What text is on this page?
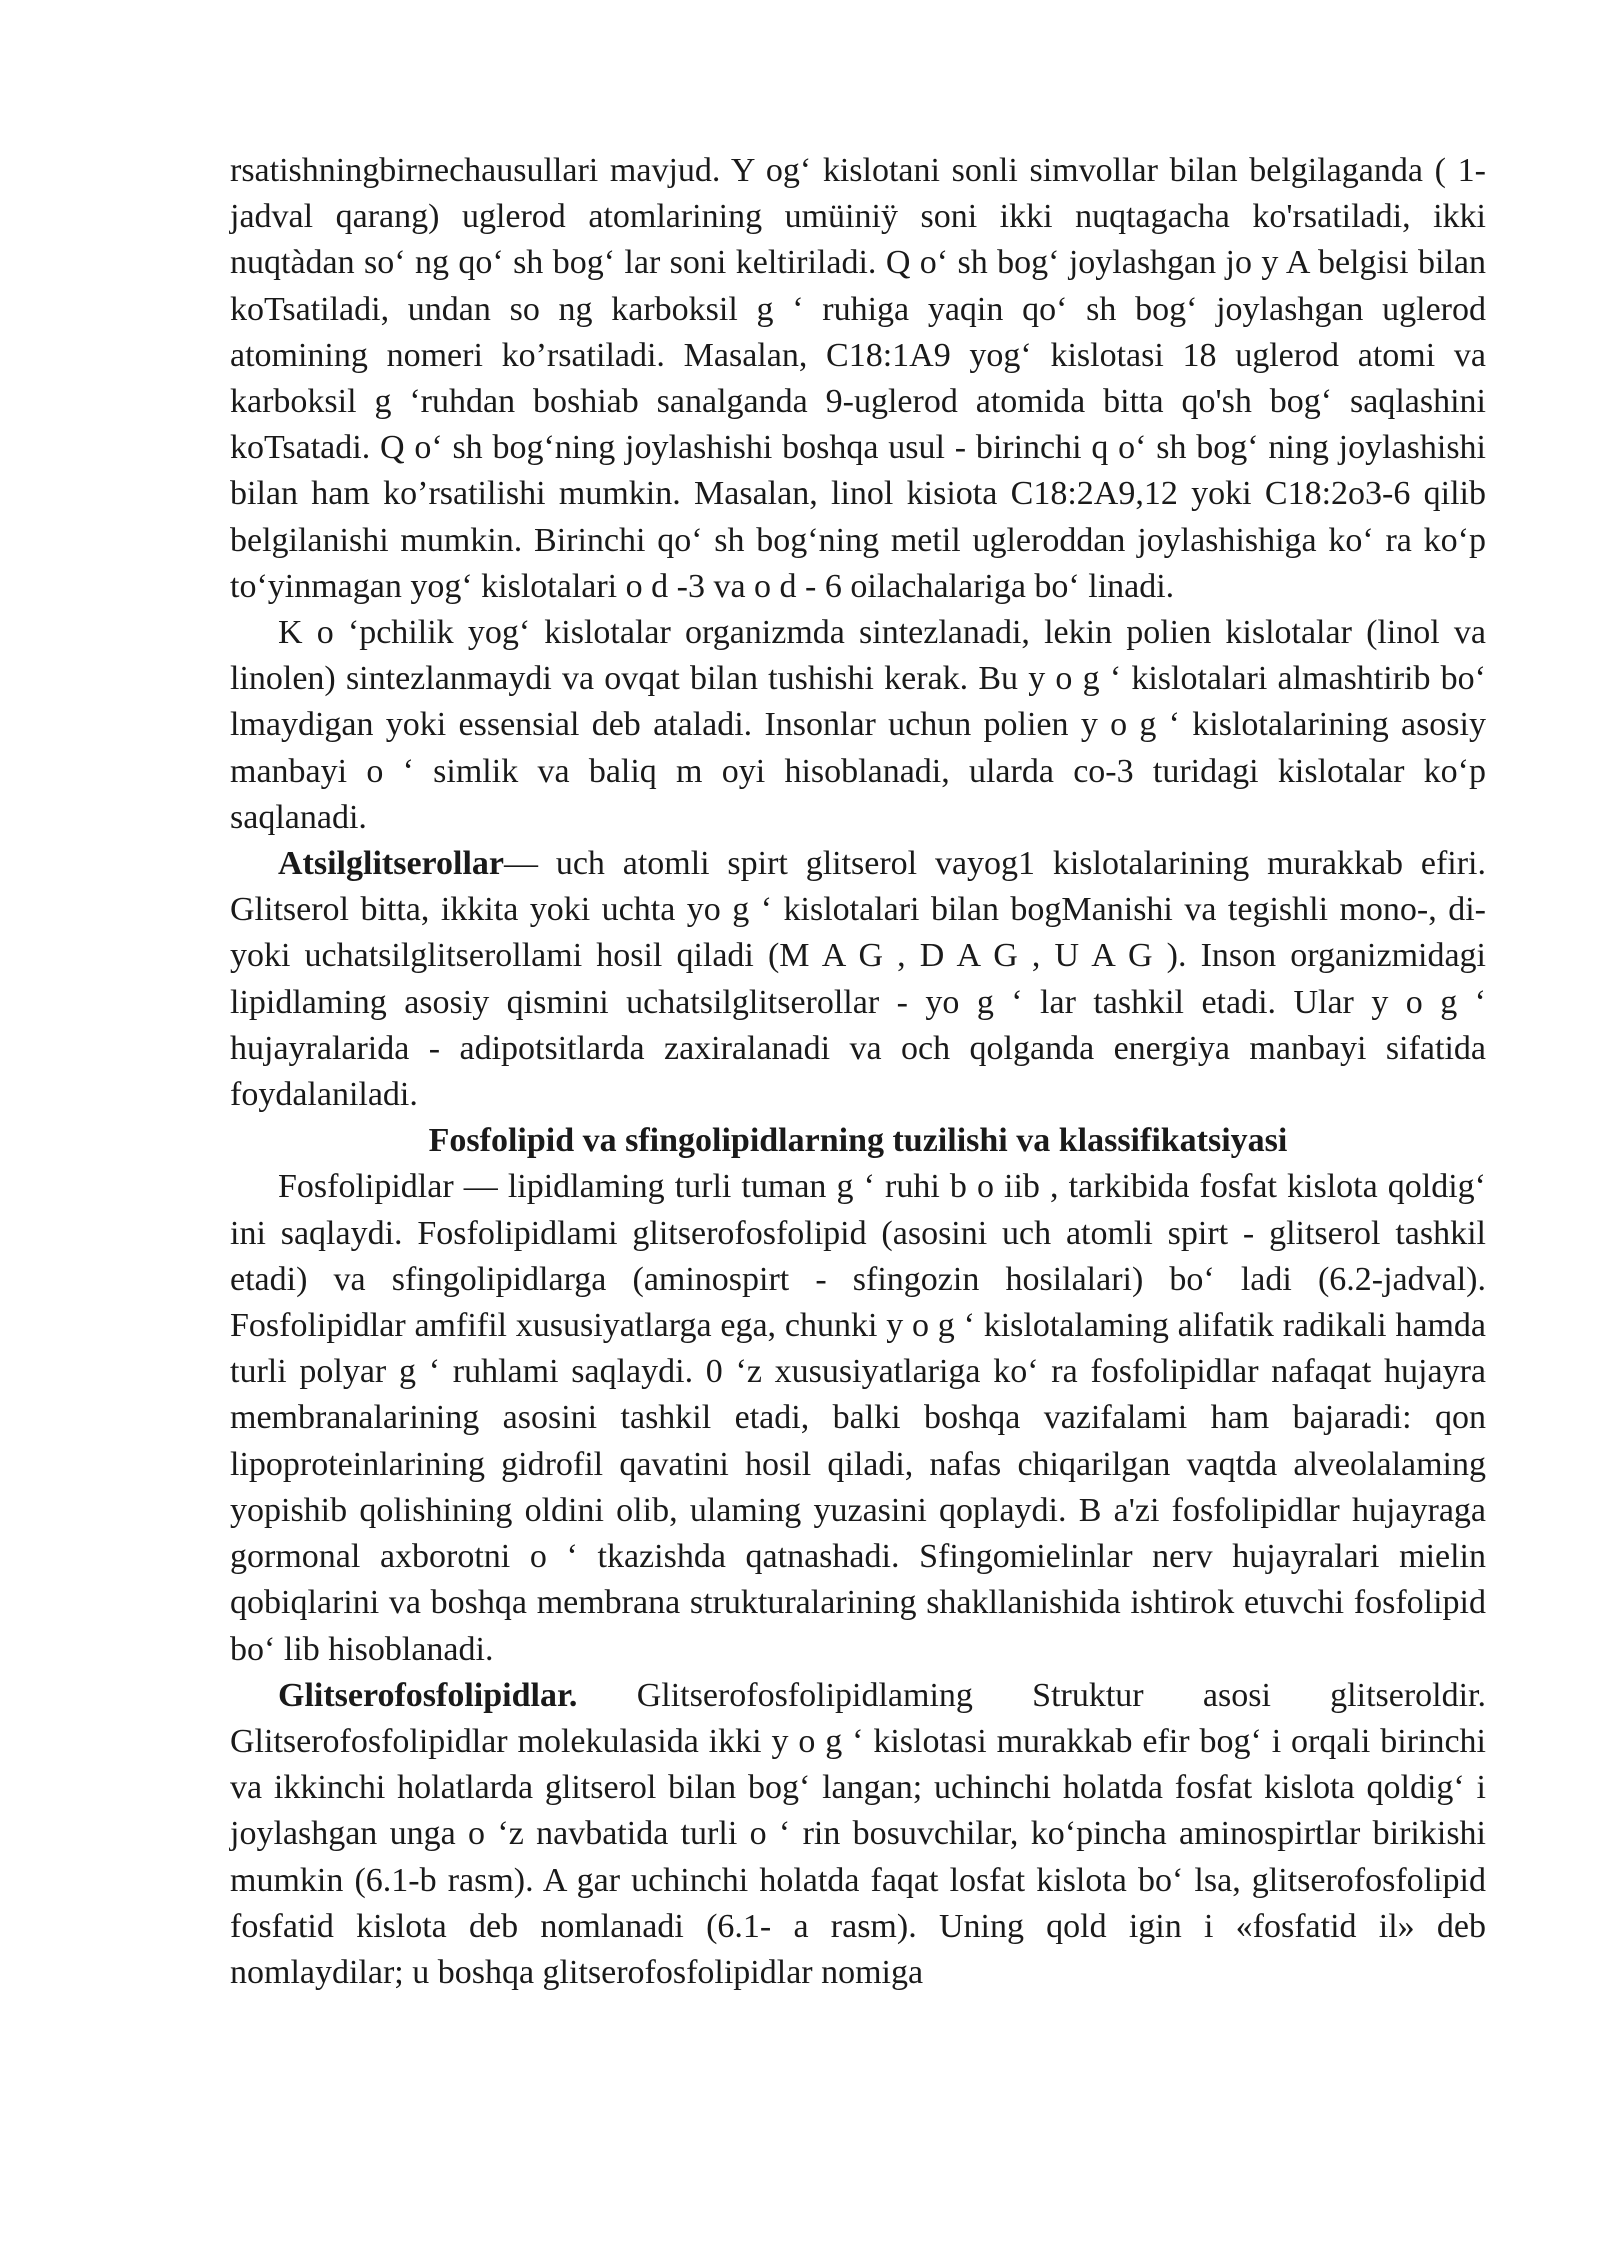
rsatishningbirnechausullari mavjud. Y og‘ kislotani sonli simvollar bilan belgilaganda ( 1-jadval qarang) uglerod atomlarining umüiniÿ soni ikki nuqtagacha ko'rsatiladi, ikki nuqtàdan so‘ ng qo‘ sh bog‘ lar soni keltiriladi. Q o‘ sh bog‘ joylashgan jo y A belgisi bilan koTsatiladi, undan so ng karboksil g ‘ ruhiga yaqin qo‘ sh bog‘ joylashgan uglerod atomining nomeri ko’rsatiladi. Masalan, C18:1A9 yog‘ kislotasi 18 uglerod atomi va karboksil g ‘ruhdan boshiab sanalganda 9-uglerod atomida bitta qo'sh bog‘ saqlashini koTsatadi. Q o‘ sh bog‘ning joylashishi boshqa usul - birinchi q o‘ sh bog‘ ning joylashishi bilan ham ko’rsatilishi mumkin. Masalan, linol kisiota C18:2A9,12 yoki C18:2o3-6 qilib belgilanishi mumkin. Birinchi qo‘ sh bog‘ning metil ugleroddan joylashishiga ko‘ ra ko‘p to‘yinmagan yog‘ kislotalari o d -3 va o d - 6 oilachalariga bo‘ linadi.

K o ‘pchilik yog‘ kislotalar organizmda sintezlanadi, lekin polien kislotalar (linol va linolen) sintezlanmaydi va ovqat bilan tushishi kerak. Bu y o g ‘ kislotalari almashtirib bo‘ lmaydigan yoki essensial deb ataladi. Insonlar uchun polien y o g ‘ kislotalarining asosiy manbayi o ‘ simlik va baliq m oyi hisoblanadi, ularda co-3 turidagi kislotalar ko‘p saqlanadi.

Atsilglitserollar— uch atomli spirt glitserol vayog1 kislotalarining murakkab efiri. Glitserol bitta, ikkita yoki uchta yo g ‘ kislotalari bilan bogManishi va tegishli mono-, di- yoki uchatsilglitserollami hosil qiladi (M A G , D A G , U A G ). Inson organizmidagi lipidlaming asosiy qismini uchatsilglitserollar - yo g ‘ lar tashkil etadi. Ular y o g ‘ hujayralarida - adipotsitlarda zaxiralanadi va och qolganda energiya manbayi sifatida foydalaniladi.

Fosfolipid va sfingolipidlarning tuzilishi va klassifikatsiyasi

Fosfolipidlar — lipidlaming turli tuman g ‘ ruhi b o iib , tarkibida fosfat kislota qoldig‘ ini saqlaydi. Fosfolipidlami glitserofosfolipid (asosini uch atomli spirt - glitserol tashkil etadi) va sfingolipidlarga (aminospirt - sfingozin hosilalari) bo‘ ladi (6.2-jadval). Fosfolipidlar amfifil xususiyatlarga ega, chunki y o g ‘ kislotalaming alifatik radikali hamda turli polyar g ‘ ruhlami saqlaydi. 0 ‘z xususiyatlariga ko‘ ra fosfolipidlar nafaqat hujayra membranalarining asosini tashkil etadi, balki boshqa vazifalami ham bajaradi: qon lipoproteinlarining gidrofil qavatini hosil qiladi, nafas chiqarilgan vaqtda alveolalaming yopishib qolishining oldini olib, ulaming yuzasini qoplaydi. B a'zi fosfolipidlar hujayraga gormonal axborotni o ‘ tkazishda qatnashadi. Sfingomielinlar nerv hujayralari mielin qobiqlarini va boshqa membrana strukturalarining shakllanishida ishtirok etuvchi fosfolipid bo‘ lib hisoblanadi.

Glitserofosfolipidlar. Glitserofosfolipidlaming Struktur asosi glitseroldir. Glitserofosfolipidlar molekulasida ikki y o g ‘ kislotasi murakkab efir bog‘ i orqali birinchi va ikkinchi holatlarda glitserol bilan bog‘ langan; uchinchi holatda fosfat kislota qoldig‘ i joylashgan unga o ‘z navbatida turli o ‘ rin bosuvchilar, ko‘pincha aminospirtlar birikishi mumkin (6.1-b rasm). A gar uchinchi holatda faqat losfat kislota bo‘ lsa, glitserofosfolipid fosfatid kislota deb nomlanadi (6.1- a rasm). Uning qold igin i «fosfatid il» deb nomlaydilar; u boshqa glitserofosfolipidlar nomiga
